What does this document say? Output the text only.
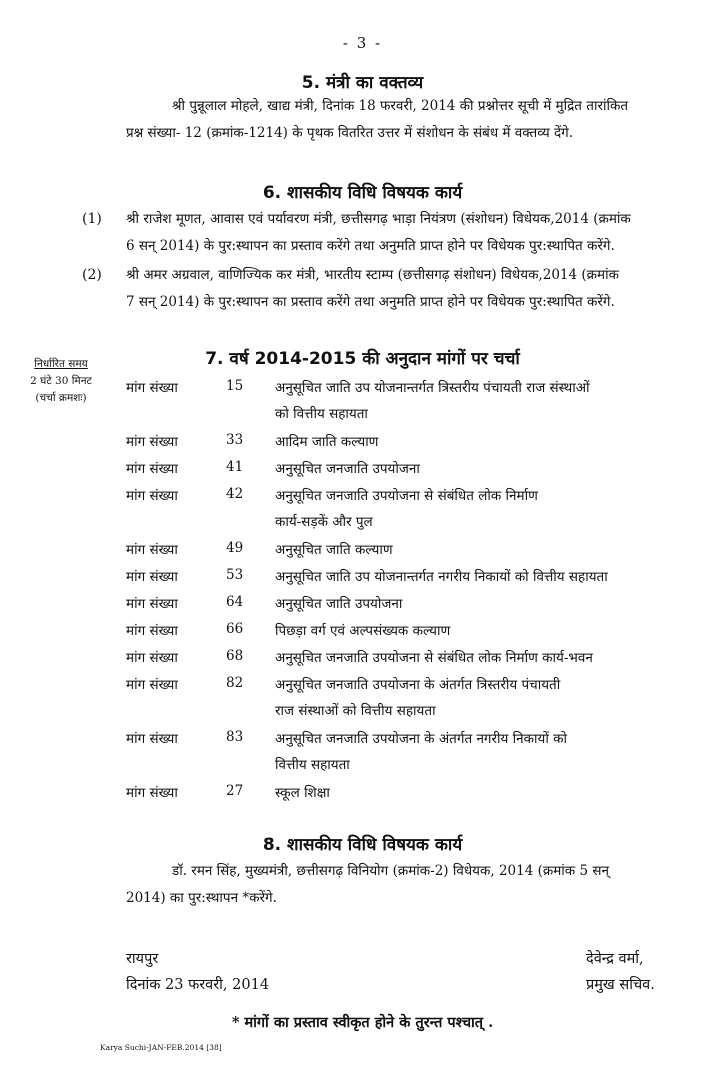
- 3 -
5. मंत्री का वक्तव्य
श्री पुन्नूलाल मोहले, खाद्य मंत्री, दिनांक 18 फरवरी, 2014 की प्रश्नोत्तर सूची में मुद्रित तारांकित
प्रश्न संख्या- 12 (क्रमांक-1214) के पृथक वितरित उत्तर में संशोधन के संबंध में वक्तव्य देंगे.
6. शासकीय विधि विषयक कार्य
(1) श्री राजेश मूणत, आवास एवं पर्यावरण मंत्री, छत्तीसगढ़ भाड़ा नियंत्रण (संशोधन) विधेयक,2014 (क्रमांक
6 सन् 2014) के पुर:स्थापन का प्रस्ताव करेंगे तथा अनुमति प्राप्त होने पर विधेयक पुर:स्थापित करेंगे.
(2) श्री अमर अग्रवाल, वाणिज्यिक कर मंत्री, भारतीय स्टाम्प (छत्तीसगढ़ संशोधन) विधेयक,2014 (क्रमांक
7 सन् 2014) के पुर:स्थापन का प्रस्ताव करेंगे तथा अनुमति प्राप्त होने पर विधेयक पुर:स्थापित करेंगे.
7. वर्ष 2014-2015 की अनुदान मांगों पर चर्चा
निर्धारित समय
2 घंटे 30 मिनट
(चर्चा क्रमशः)
मांग संख्या	15 अनुसूचित जाति उप योजनान्तर्गत त्रिस्तरीय पंचायती राज संस्थाओं
को वित्तीय सहायता
मांग संख्या	33 आदिम जाति कल्याण
मांग संख्या	41 अनुसूचित जनजाति उपयोजना
मांग संख्या	42 अनुसूचित जनजाति उपयोजना से संबंधित लोक निर्माण
कार्य-सड़कें और पुल
मांग संख्या	49 अनुसूचित जाति कल्याण
मांग संख्या	53 अनुसूचित जाति उप योजनान्तर्गत नगरीय निकायों को वित्तीय सहायता
मांग संख्या	64 अनुसूचित जाति उपयोजना
मांग संख्या	66 पिछड़ा वर्ग एवं अल्पसंख्यक कल्याण
मांग संख्या	68 अनुसूचित जनजाति उपयोजना से संबंधित लोक निर्माण कार्य-भवन
मांग संख्या	82 अनुसूचित जनजाति उपयोजना के अंतर्गत त्रिस्तरीय पंचायती
राज संस्थाओं को वित्तीय सहायता
मांग संख्या	83 अनुसूचित जनजाति उपयोजना के अंतर्गत नगरीय निकायों को
वित्तीय सहायता
मांग संख्या	27 स्कूल शिक्षा
8. शासकीय विधि विषयक कार्य
डॉ. रमन सिंह, मुख्यमंत्री, छत्तीसगढ़ विनियोग (क्रमांक-2) विधेयक, 2014 (क्रमांक 5 सन्
2014) का पुर:स्थापन *करेंगे.
रायपुर
दिनांक 23 फरवरी, 2014
देवेन्द्र वर्मा,
प्रमुख सचिव.
* मांगों का प्रस्ताव स्वीकृत होने के तुरन्त पश्चात् .
Karya Suchi-JAN-FEB.2014 [38]
